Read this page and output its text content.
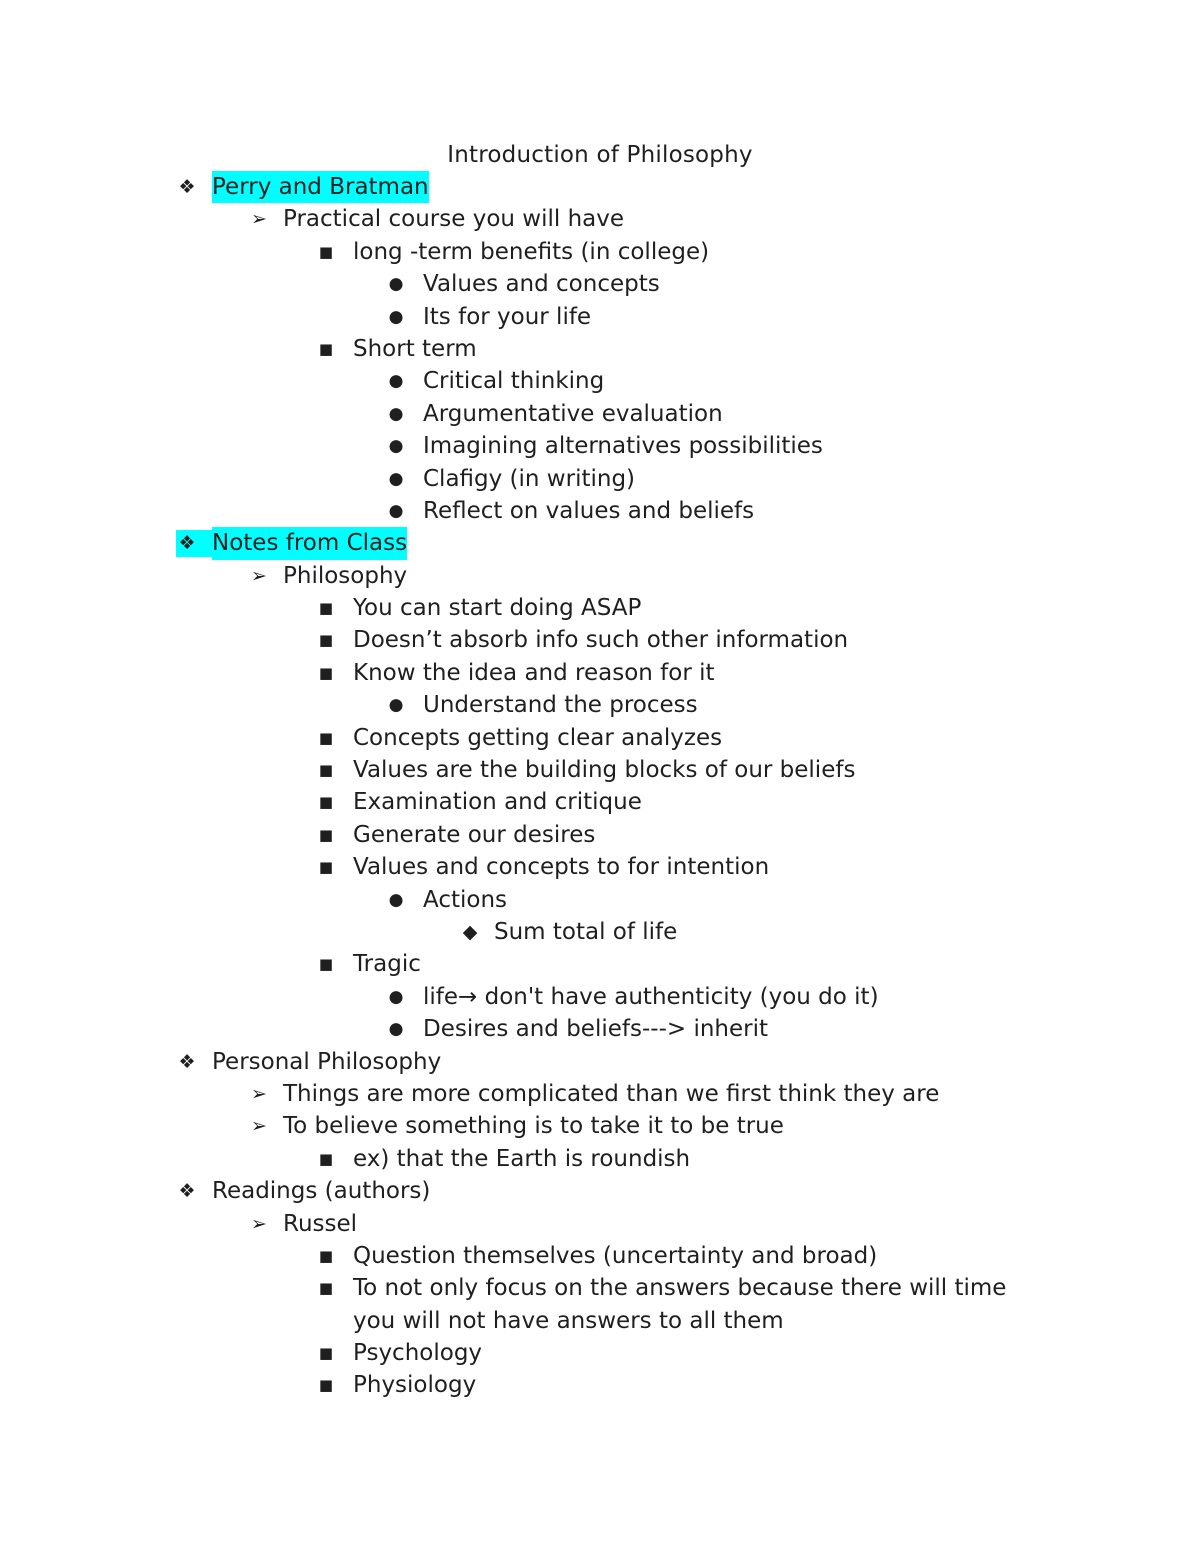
Introduction of Philosophy
❖ Perry and Bratman
➢ Practical course you will have
■ long -term benefits (in college)
● Values and concepts
● Its for your life
■ Short term
● Critical thinking
● Argumentative evaluation
● Imagining alternatives possibilities
● Clafigy (in writing)
● Reflect on values and beliefs
❖ Notes from Class
➢ Philosophy
■ You can start doing ASAP
■ Doesn’t absorb info such other information
■ Know the idea and reason for it
● Understand the process
■ Concepts getting clear analyzes
■ Values are the building blocks of our beliefs
■ Examination and critique
■ Generate our desires
■ Values and concepts to for intention
● Actions
◆ Sum total of life
■ Tragic
● life→ don't have authenticity (you do it)
● Desires and beliefs---> inherit
❖ Personal Philosophy
➢ Things are more complicated than we first think they are
➢ To believe something is to take it to be true
■ ex) that the Earth is roundish
❖ Readings (authors)
➢ Russel
■ Question themselves (uncertainty and broad)
■ To not only focus on the answers because there will time you will not have answers to all them
■ Psychology
■ Physiology
